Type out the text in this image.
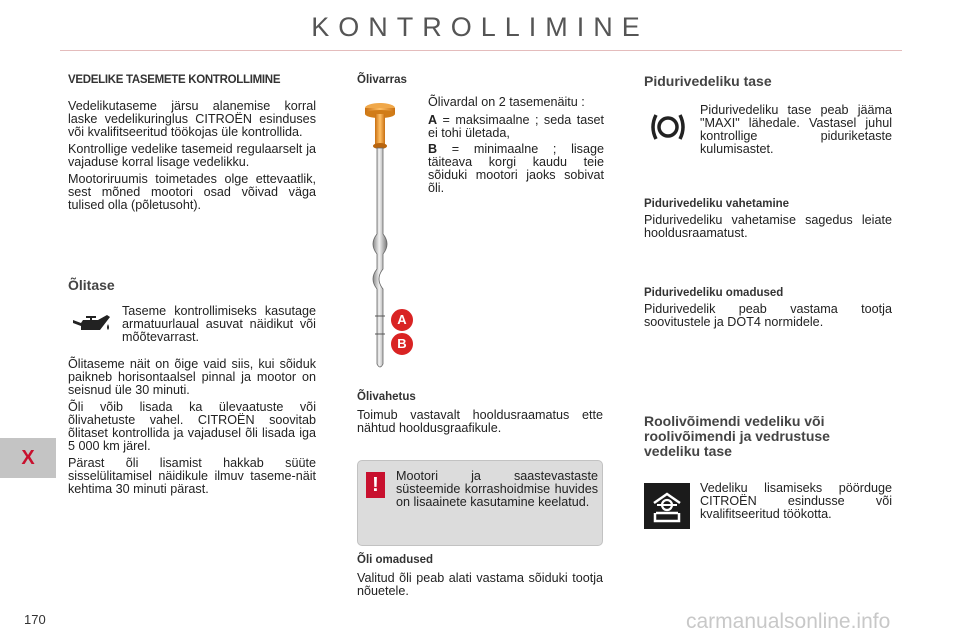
KONTROLLIMINE
X
170
VEDELIKE TASEMETE KONTROLLIMINE

Vedelikutaseme järsu alanemise korral laske vedelikuringlus CITROËN esinduses või kvalifitseeritud töökojas üle kontrollida.

Kontrollige vedelike tasemeid regulaarselt ja vajaduse korral lisage vedelikku.

Mootoriruumis toimetades olge ettevaatlik, sest mõned mootori osad võivad väga tulised olla (põletusoht).

Õlitase
Taseme kontrollimiseks kasutage armatuurlaual asuvat näidikut või mõõtevarrast.

Õlitaseme näit on õige vaid siis, kui sõiduk paikneb horisontaalsel pinnal ja mootor on seisnud üle 30 minuti.

Õli võib lisada ka ülevaatuste või õlivahetuste vahel. CITROËN soovitab õlitaset kontrollida ja vajadusel õli lisada iga 5 000 km järel.

Pärast õli lisamist hakkab süüte sisselülitamisel näidikule ilmuv taseme-näit kehtima 30 minuti pärast.

Õlivarras
A
B
Õlivardal on 2 tasemenäitu :
A = maksimaalne ; seda taset ei tohi ületada,
B = minimaalne ; lisage täiteava korgi kaudu teie sõiduki mootori jaoks sobivat õli.
Õlivahetus
Toimub vastavalt hooldusraamatus ette nähtud hooldusgraafikule.
!	Mootori ja saastevastaste süsteemide korrashoidmise huvides on lisaainete kasutamine keelatud.
Õli omadused
Valitud õli peab alati vastama sõiduki tootja nõuetele.
Pidurivedeliku tase
Pidurivedeliku tase peab jääma "MAXI" lähedale. Vastasel juhul kontrollige piduriketaste kulumisastet.
Pidurivedeliku vahetamine
Pidurivedeliku vahetamise sagedus leiate hooldusraamatust.
Pidurivedeliku omadused
Pidurivedelik peab vastama tootja soovitustele ja DOT4 normidele.
Roolivõimendi vedeliku või
roolivõimendi ja vedrustuse
vedeliku tase
Vedeliku lisamiseks pöörduge CITROËN esindusse või kvalifitseeritud töökotta.
carmanualsonline.info
